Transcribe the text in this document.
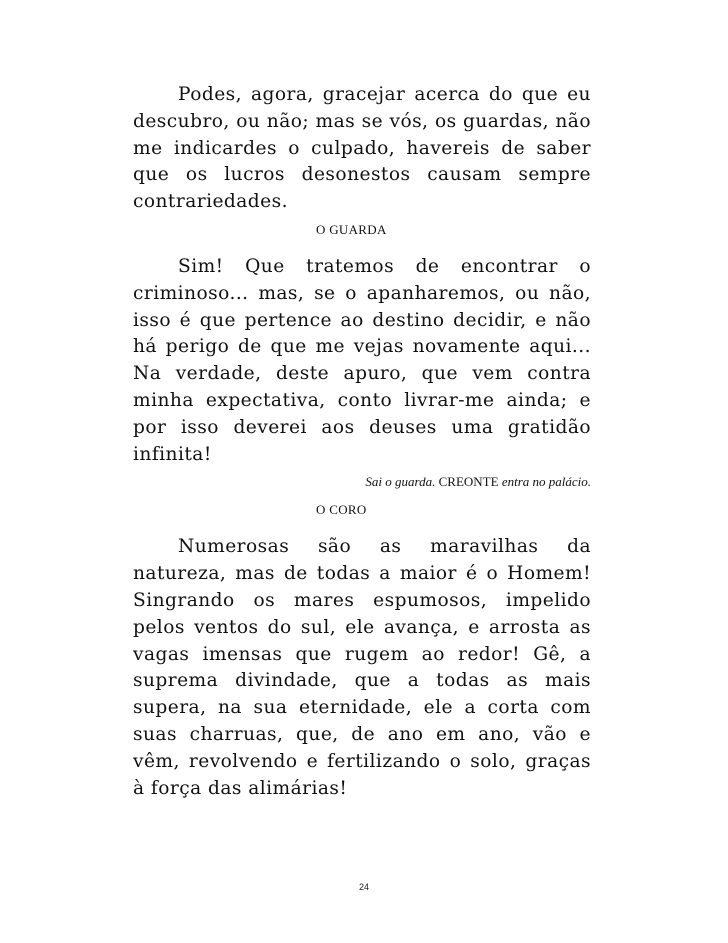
Podes, agora, gracejar acerca do que eu descubro, ou não; mas se vós, os guardas, não me indicardes o culpado, havereis de saber que os lucros desonestos causam sempre contrariedades.

O GUARDA

Sim! Que tratemos de encontrar o criminoso... mas, se o apanharemos, ou não, isso é que pertence ao destino decidir, e não há perigo de que me vejas novamente aqui... Na verdade, deste apuro, que vem contra minha expectativa, conto livrar-me ainda; e por isso deverei aos deuses uma gratidão infinita!

Sai o guarda. CREONTE entra no palácio.

O CORO

Numerosas são as maravilhas da natureza, mas de todas a maior é o Homem! Singrando os mares espumosos, impelido pelos ventos do sul, ele avança, e arrosta as vagas imensas que rugem ao redor! Gê, a suprema divindade, que a todas as mais supera, na sua eternidade, ele a corta com suas charruas, que, de ano em ano, vão e vêm, revolvendo e fertilizando o solo, graças à força das alimárias!

24
